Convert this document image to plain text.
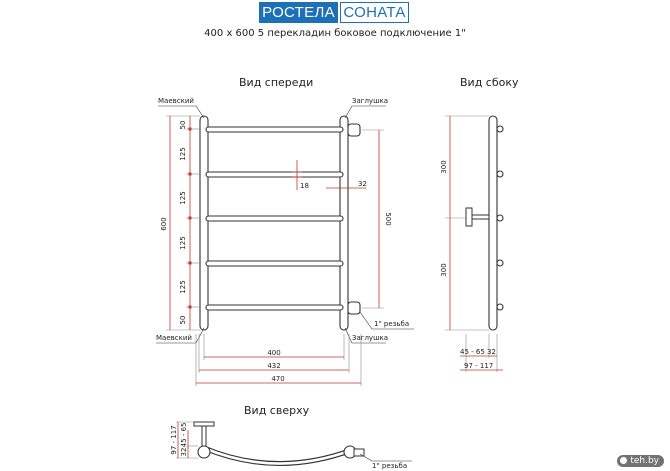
РОСТЕЛА СОНАТА
400 x 600 5 перекладин боковое подключение 1"
Вид спереди
50
125
125
125
125
50
600
Маевский
Маевский
Заглушка
Заглушка
1" резьба
500
18	32
400
432
470
Вид сбоку
300
300
45 - 65 32
97 - 117
Вид сверху
97 - 117 32
45 - 65
1" резьба	teh.by
